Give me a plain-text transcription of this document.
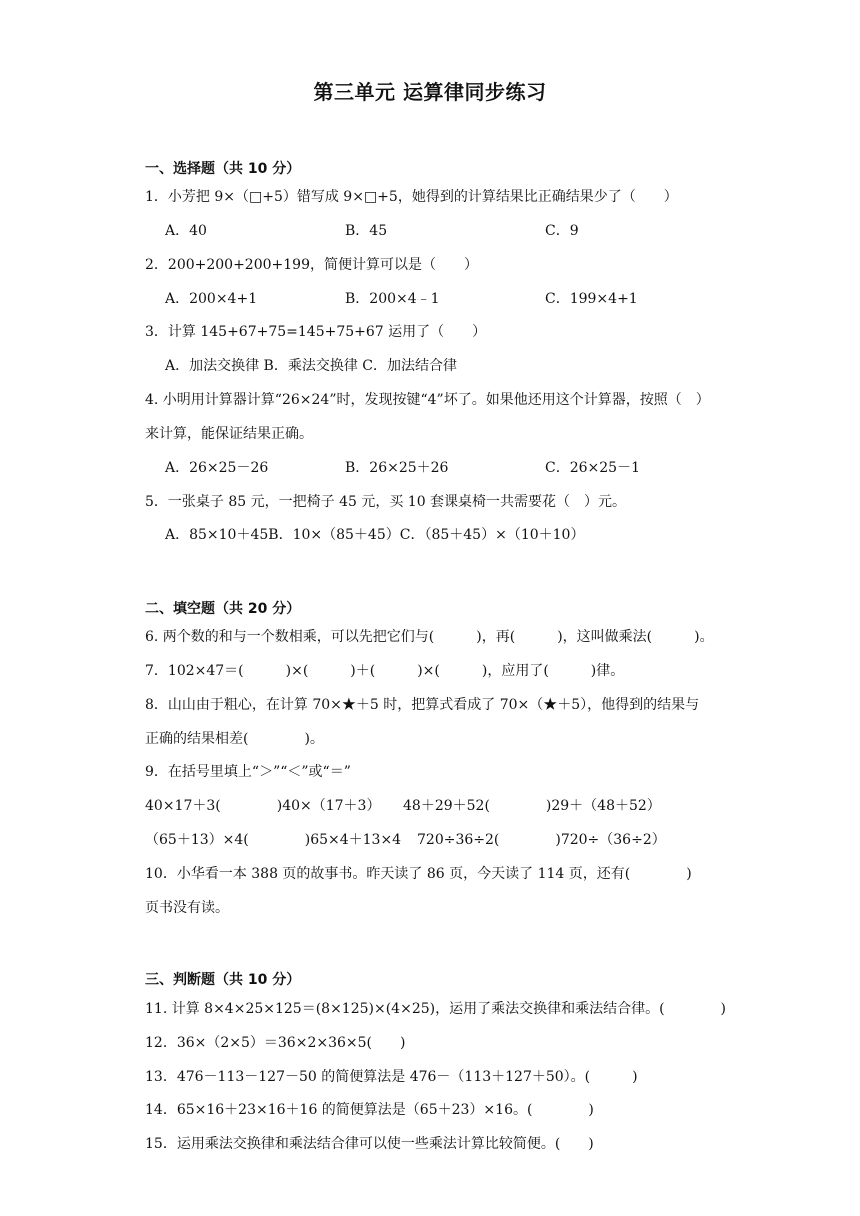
第三单元 运算律同步练习
一、选择题（共 10 分）
1．小芳把 9×（□+5）错写成 9×□+5，她得到的计算结果比正确结果少了（　　）
A．40	B．45	C．9
2．200+200+200+199，简便计算可以是（　　）
A．200×4+1	B．200×4﹣1	C．199×4+1
3．计算 145+67+75=145+75+67 运用了（　　）
A．加法交换律 B．乘法交换律 C．加法结合律
4. 小明用计算器计算“26×24”时，发现按键“4”坏了。如果他还用这个计算器，按照（　）
来计算，能保证结果正确。
A．26×25－26	B．26×25＋26	C．26×25－1
5．一张桌子 85 元，一把椅子 45 元，买 10 套课桌椅一共需要花（　）元。
A．85×10＋45B．10×（85＋45）C．（85＋45）×（10＋10）
二、填空题（共 20 分）
6. 两个数的和与一个数相乘，可以先把它们与(　　　)，再(　　　)，这叫做乘法(　　　)。
7．102×47＝(　　　)×(　　　)＋(　　　)×(　　　)，应用了(　　　)律。
8．山山由于粗心，在计算 70×★＋5 时，把算式看成了 70×（★＋5），他得到的结果与
正确的结果相差(　　　　)。
9．在括号里填上“＞”“＜”或“＝”
40×17＋3(　　　　)40×（17＋3） 48＋29＋52(　　　　)29＋（48＋52）
（65＋13）×4(　　　　)65×4＋13×4 720÷36÷2(　　　　)720÷（36÷2）
10．小华看一本 388 页的故事书。昨天读了 86 页，今天读了 114 页，还有(　　　　)
页书没有读。
三、判断题（共 10 分）
11. 计算 8×4×25×125＝(8×125)×(4×25)，运用了乘法交换律和乘法结合律。(　　　　)
12．36×（2×5）＝36×2×36×5(　　)
13．476－113－127－50 的简便算法是 476－（113＋127＋50）。(　　　)
14．65×16＋23×16＋16 的简便算法是（65＋23）×16。(　　　　)
15．运用乘法交换律和乘法结合律可以使一些乘法计算比较简便。(　　)
